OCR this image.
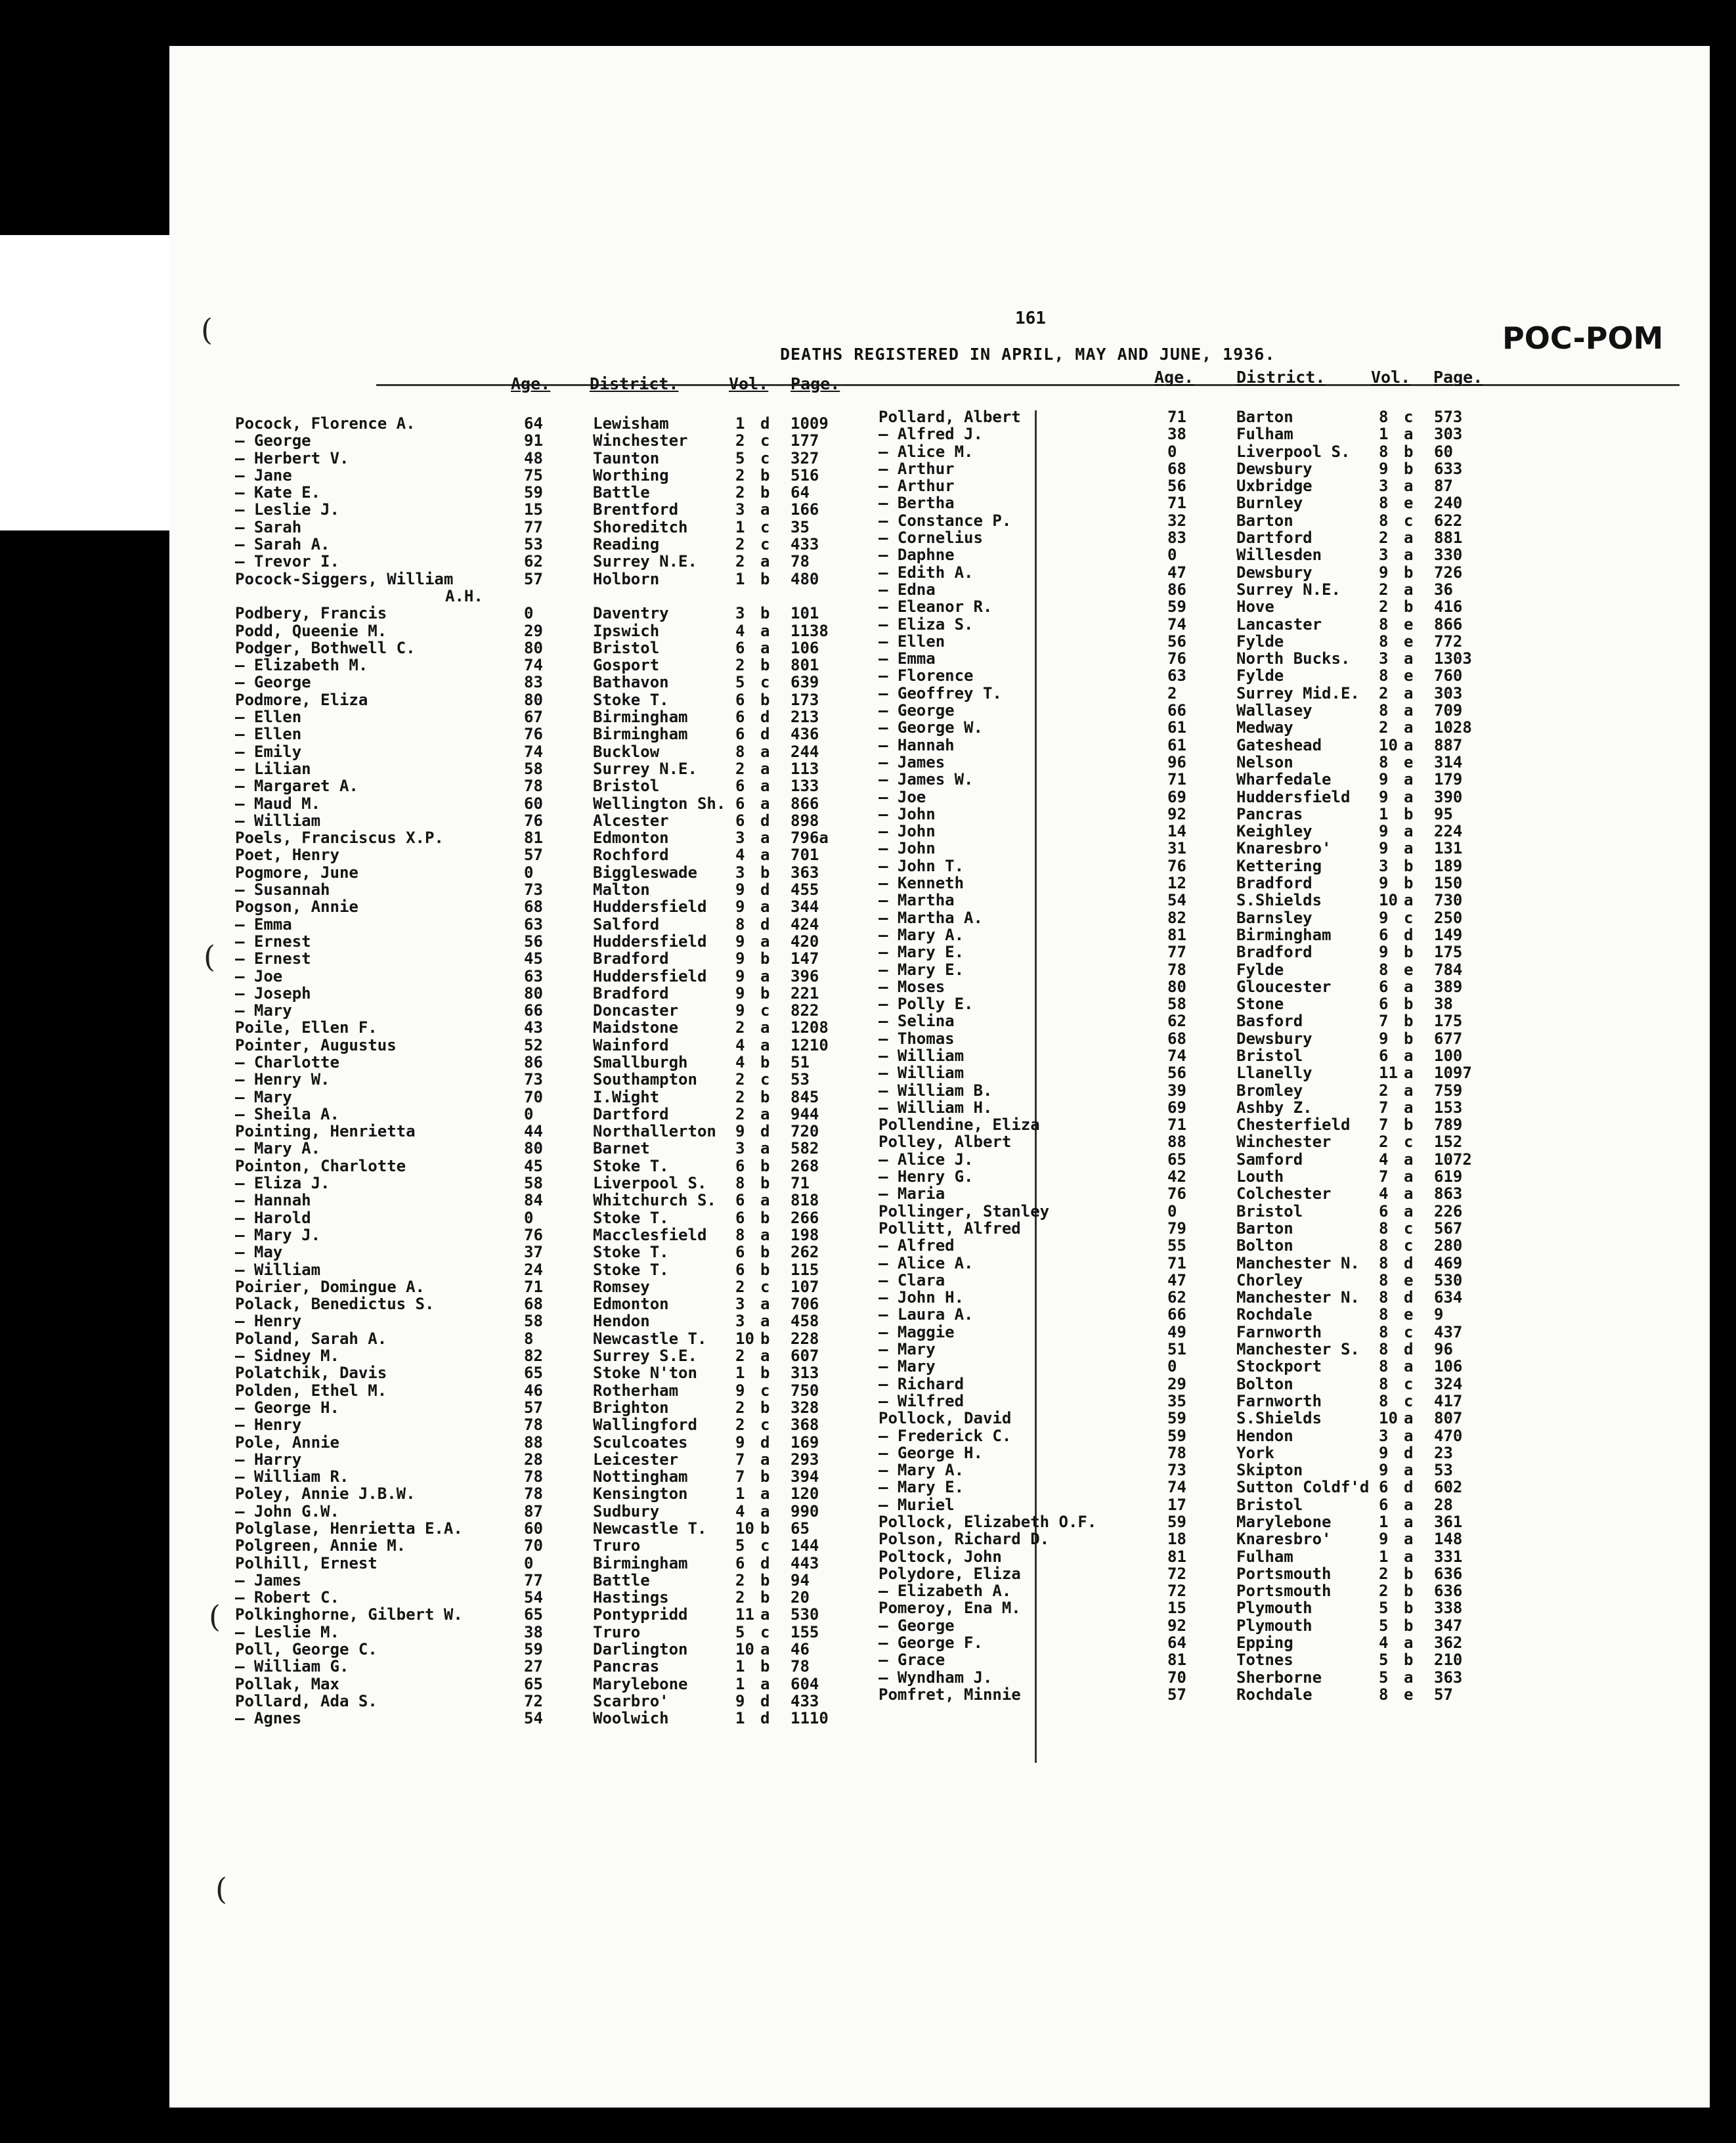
161
DEATHS REGISTERED IN APRIL, MAY AND JUNE, 1936.	POC-POM
(
(
(
(
Age. District.	Vol. Page.
Pocock, Florence A.	64	Lewisham	1 d 1009
— George	91	Winchester	2 c 177
— Herbert V.	48	Taunton	5 c 327
— Jane	75	Worthing	2 b 516
— Kate E.	59	Battle	2 b 64
— Leslie J.	15	Brentford	3 a 166
— Sarah	77	Shoreditch	1 c 35
— Sarah A.	53	Reading	2 c 433
— Trevor I.	62	Surrey N.E. 2 a 78
Pocock-Siggers, William	57	Holborn	1 b 480
A.H.
Podbery, Francis	0	Daventry	3 b 101
Podd, Queenie M.	29	Ipswich	4 a 1138
Podger, Bothwell C.	80	Bristol	6 a 106
— Elizabeth M.	74	Gosport	2 b 801
— George	83	Bathavon	5 c 639
Podmore, Eliza	80	Stoke T.	6 b 173
— Ellen	67	Birmingham	6 d 213
— Ellen	76	Birmingham	6 d 436
— Emily	74	Bucklow	8 a 244
— Lilian	58	Surrey N.E. 2 a 113
— Margaret A.	78	Bristol	6 a 133
— Maud M.	60	Wellington Sh. 6 a 866
— William	76	Alcester	6 d 898
Poels, Franciscus X.P.	81	Edmonton	3 a 796a
Poet, Henry	57	Rochford	4 a 701
Pogmore, June	0	Biggleswade 3 b 363
— Susannah	73	Malton	9 d 455
Pogson, Annie	68	Huddersfield 9 a 344
— Emma	63	Salford	8 d 424
— Ernest	56	Huddersfield 9 a 420
— Ernest	45	Bradford	9 b 147
— Joe	63	Huddersfield 9 a 396
— Joseph	80	Bradford	9 b 221
— Mary	66	Doncaster	9 c 822
Poile, Ellen F.	43	Maidstone	2 a 1208
Pointer, Augustus	52	Wainford	4 a 1210
— Charlotte	86	Smallburgh	4 b 51
— Henry W.	73	Southampton 2 c 53
— Mary	70	I.Wight	2 b 845
— Sheila A.	0	Dartford	2 a 944
Pointing, Henrietta	44	Northallerton 9 d 720
— Mary A.	80	Barnet	3 a 582
Pointon, Charlotte	45	Stoke T.	6 b 268
— Eliza J.	58	Liverpool S. 8 b 71
— Hannah	84	Whitchurch S. 6 a 818
— Harold	0	Stoke T.	6 b 266
— Mary J.	76	Macclesfield 8 a 198
— May	37	Stoke T.	6 b 262
— William	24	Stoke T.	6 b 115
Poirier, Domingue A.	71	Romsey	2 c 107
Polack, Benedictus S.	68	Edmonton	3 a 706
— Henry	58	Hendon	3 a 458
Poland, Sarah A.	8	Newcastle T. 10 b 228
— Sidney M.	82	Surrey S.E. 2 a 607
Polatchik, Davis	65	Stoke N'ton 1 b 313
Polden, Ethel M.	46	Rotherham	9 c 750
— George H.	57	Brighton	2 b 328
— Henry	78	Wallingford 2 c 368
Pole, Annie	88	Sculcoates	9 d 169
— Harry	28	Leicester	7 a 293
— William R.	78	Nottingham	7 b 394
Poley, Annie J.B.W.	78	Kensington	1 a 120
— John G.W.	87	Sudbury	4 a 990
Polglase, Henrietta E.A.	60	Newcastle T. 10 b 65
Polgreen, Annie M.	70	Truro	5 c 144
Polhill, Ernest	0	Birmingham	6 d 443
— James	77	Battle	2 b 94
— Robert C.	54	Hastings	2 b 20
Polkinghorne, Gilbert W.	65	Pontypridd	11 a 530
— Leslie M.	38	Truro	5 c 155
Poll, George C.	59	Darlington	10 a 46
— William G.	27	Pancras	1 b 78
Pollak, Max	65	Marylebone	1 a 604
Pollard, Ada S.	72	Scarbro'	9 d 433
— Agnes	54	Woolwich	1 d 1110
Age.	District.	Vol. Page.
Pollard, Albert	71	Barton	8 c 573
— Alfred J.	38	Fulham	1 a 303
— Alice M.	0	Liverpool S. 8 b 60
— Arthur	68	Dewsbury	9 b 633
— Arthur	56	Uxbridge	3 a 87
— Bertha	71	Burnley	8 e 240
— Constance P.	32	Barton	8 c 622
— Cornelius	83	Dartford	2 a 881
— Daphne	0	Willesden	3 a 330
— Edith A.	47	Dewsbury	9 b 726
— Edna	86	Surrey N.E. 2 a 36
— Eleanor R.	59	Hove	2 b 416
— Eliza S.	74	Lancaster	8 e 866
— Ellen	56	Fylde	8 e 772
— Emma	76	North Bucks. 3 a 1303
— Florence	63	Fylde	8 e 760
— Geoffrey T.	2	Surrey Mid.E. 2 a 303
— George	66	Wallasey	8 a 709
— George W.	61	Medway	2 a 1028
— Hannah	61	Gateshead	10 a 887
— James	96	Nelson	8 e 314
— James W.	71	Wharfedale	9 a 179
— Joe	69	Huddersfield 9 a 390
— John	92	Pancras	1 b 95
— John	14	Keighley	9 a 224
— John	31	Knaresbro'	9 a 131
— John T.	76	Kettering	3 b 189
— Kenneth	12	Bradford	9 b 150
— Martha	54	S.Shields	10 a 730
— Martha A.	82	Barnsley	9 c 250
— Mary A.	81	Birmingham	6 d 149
— Mary E.	77	Bradford	9 b 175
— Mary E.	78	Fylde	8 e 784
— Moses	80	Gloucester	6 a 389
— Polly E.	58	Stone	6 b 38
— Selina	62	Basford	7 b 175
— Thomas	68	Dewsbury	9 b 677
— William	74	Bristol	6 a 100
— William	56	Llanelly	11 a 1097
— William B.	39	Bromley	2 a 759
— William H.	69	Ashby Z.	7 a 153
Pollendine, Eliza	71	Chesterfield 7 b 789
Polley, Albert	88	Winchester	2 c 152
— Alice J.	65	Samford	4 a 1072
— Henry G.	42	Louth	7 a 619
— Maria	76	Colchester	4 a 863
Pollinger, Stanley	0	Bristol	6 a 226
Pollitt, Alfred	79	Barton	8 c 567
— Alfred	55	Bolton	8 c 280
— Alice A.	71	Manchester N. 8 d 469
— Clara	47	Chorley	8 e 530
— John H.	62	Manchester N. 8 d 634
— Laura A.	66	Rochdale	8 e 9
— Maggie	49	Farnworth	8 c 437
— Mary	51	Manchester S. 8 d 96
— Mary	0	Stockport	8 a 106
— Richard	29	Bolton	8 c 324
— Wilfred	35	Farnworth	8 c 417
Pollock, David	59	S.Shields	10 a 807
— Frederick C.	59	Hendon	3 a 470
— George H.	78	York	9 d 23
— Mary A.	73	Skipton	9 a 53
— Mary E.	74	Sutton Coldf'd 6 d 602
— Muriel	17	Bristol	6 a 28
Pollock, Elizabeth O.F.	59	Marylebone	1 a 361
Polson, Richard D.	18	Knaresbro'	9 a 148
Poltock, John	81	Fulham	1 a 331
Polydore, Eliza	72	Portsmouth	2 b 636
— Elizabeth A.	72	Portsmouth	2 b 636
Pomeroy, Ena M.	15	Plymouth	5 b 338
— George	92	Plymouth	5 b 347
— George F.	64	Epping	4 a 362
— Grace	81	Totnes	5 b 210
— Wyndham J.	70	Sherborne	5 a 363
Pomfret, Minnie	57	Rochdale	8 e 57
